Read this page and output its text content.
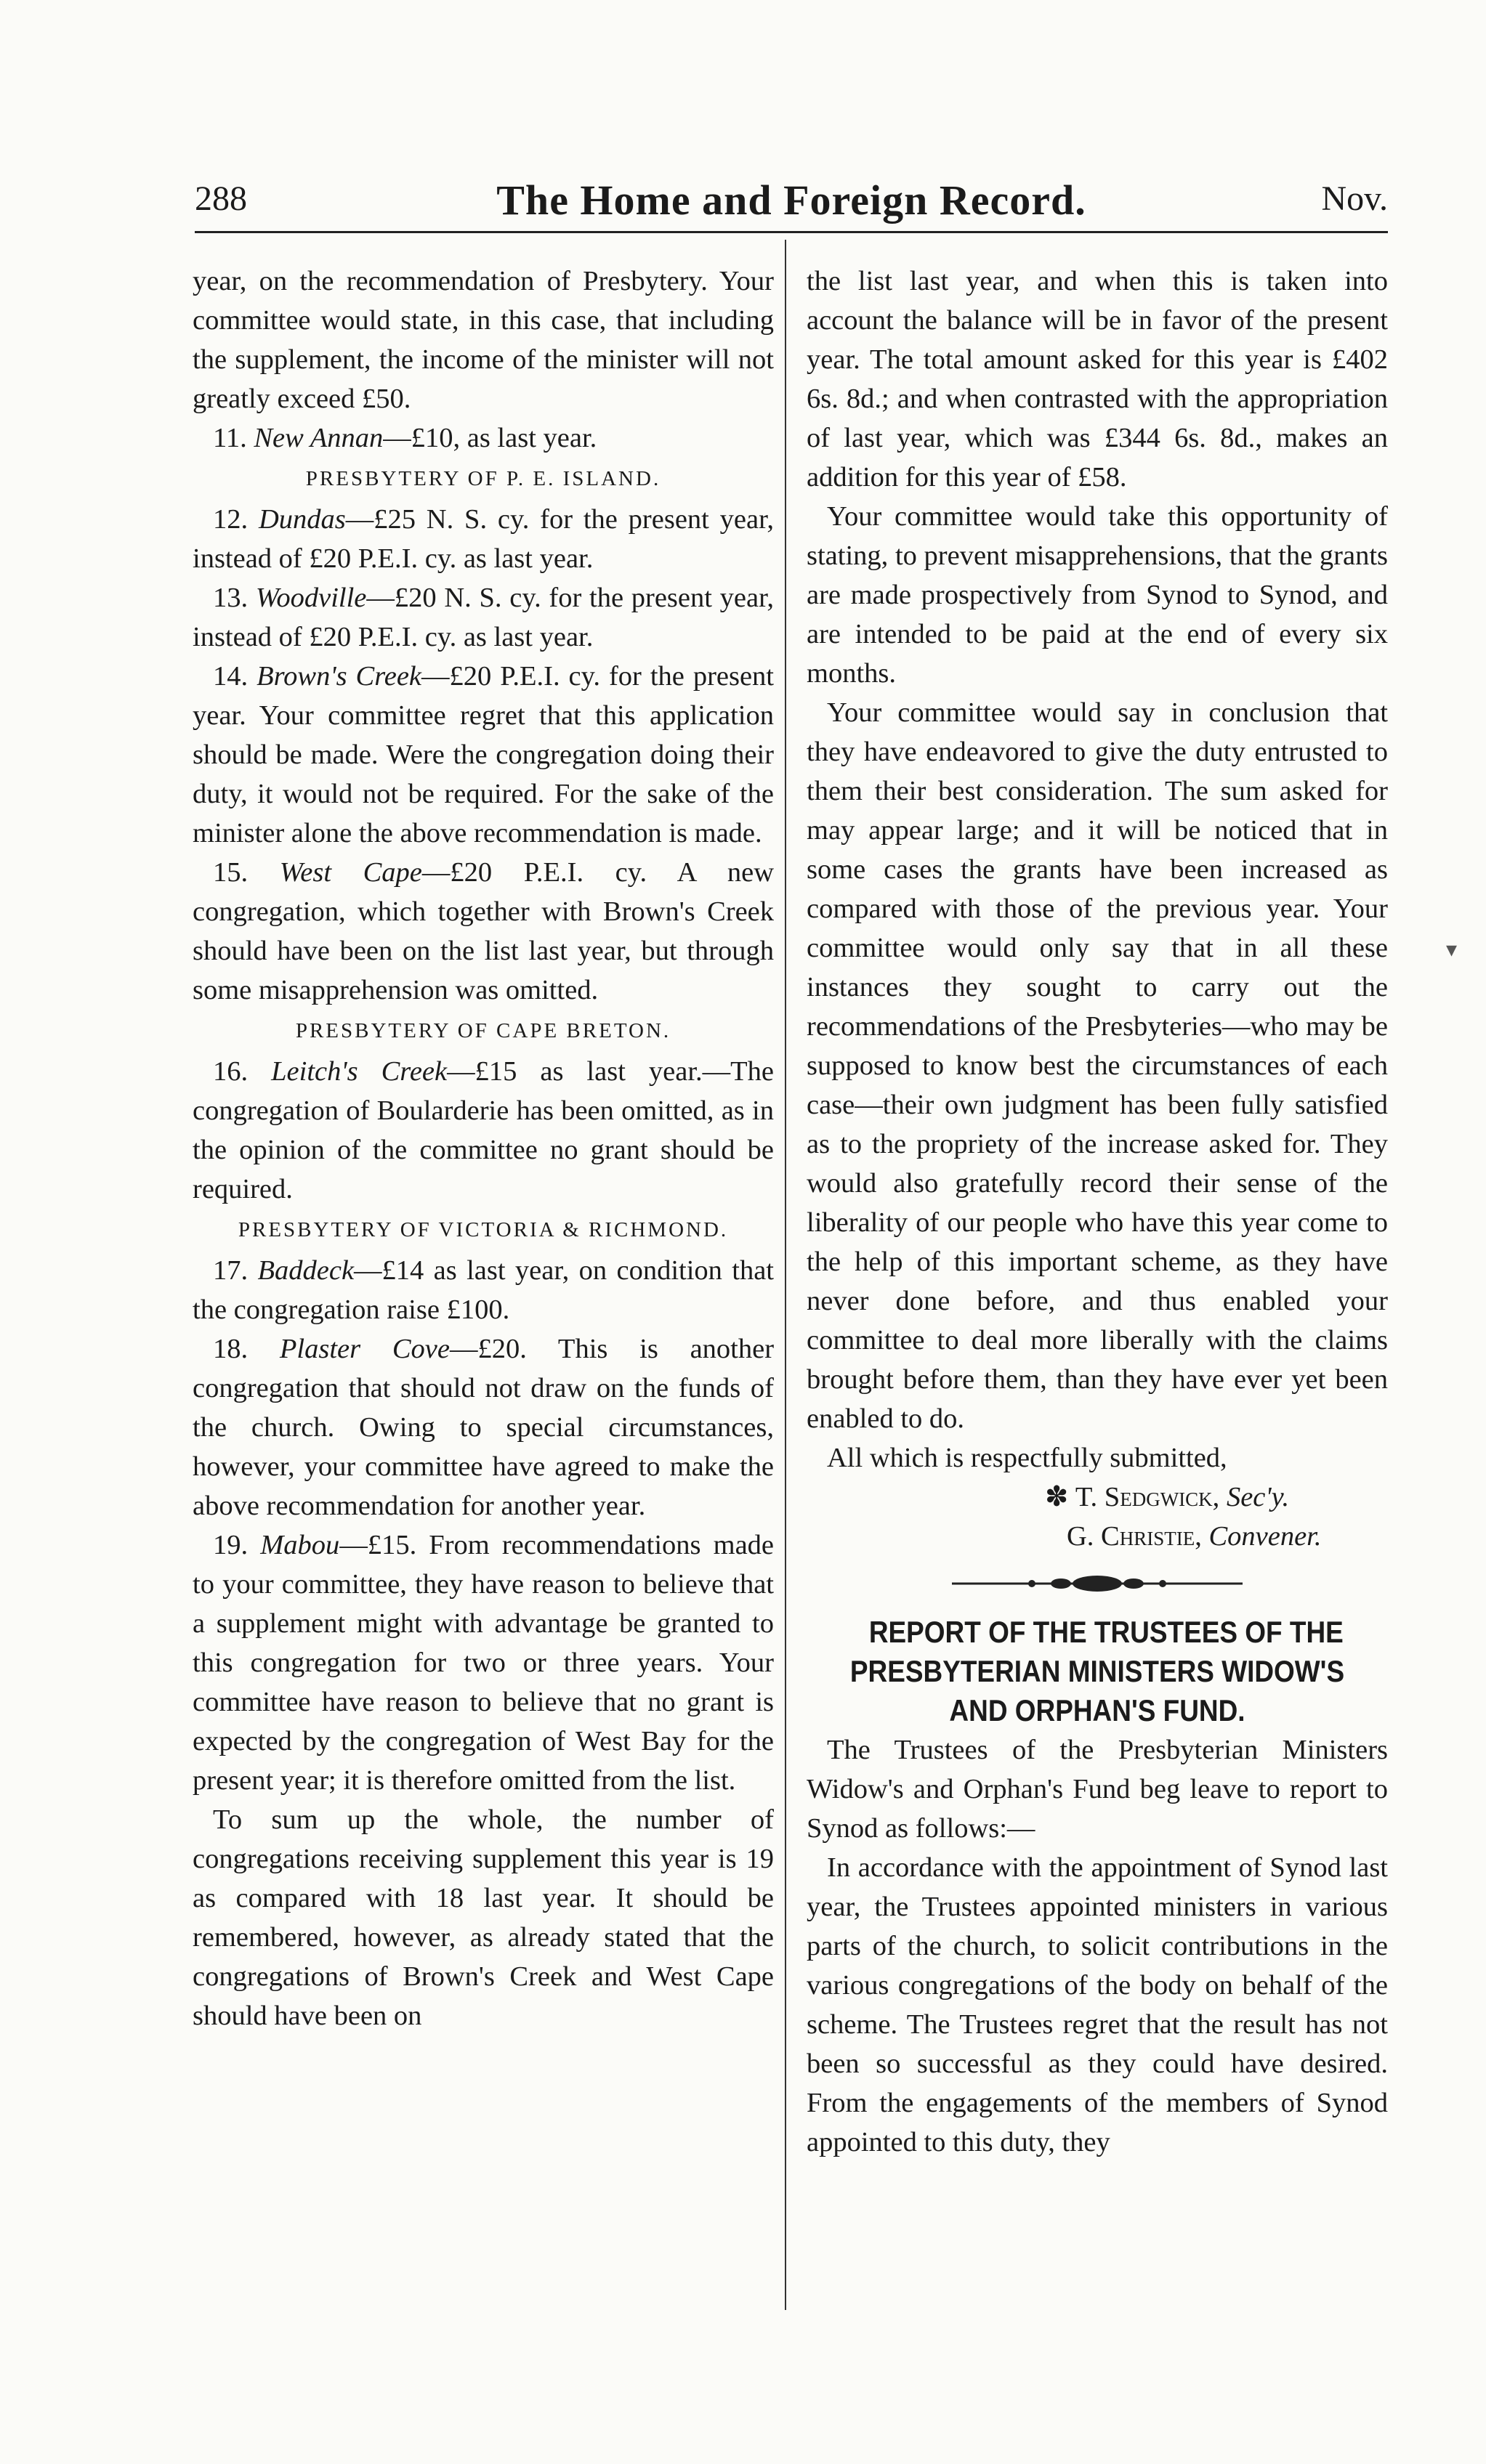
288	The Home and Foreign Record.	Nov.

year, on the recommendation of Presbytery. Your committee would state, in this case, that including the supplement, the income of the minister will not greatly exceed £50.

11. New Annan—£10, as last year.

PRESBYTERY OF P. E. ISLAND.

12. Dundas—£25 N. S. cy. for the present year, instead of £20 P.E.I. cy. as last year.

13. Woodville—£20 N. S. cy. for the present year, instead of £20 P.E.I. cy. as last year.

14. Brown's Creek—£20 P.E.I. cy. for the present year. Your committee regret that this application should be made. Were the congregation doing their duty, it would not be required. For the sake of the minister alone the above recommendation is made.

15. West Cape—£20 P.E.I. cy. A new congregation, which together with Brown's Creek should have been on the list last year, but through some misapprehension was omitted.

PRESBYTERY OF CAPE BRETON.

16. Leitch's Creek—£15 as last year.—The congregation of Boularderie has been omitted, as in the opinion of the committee no grant should be required.

PRESBYTERY OF VICTORIA & RICHMOND.

17. Baddeck—£14 as last year, on condition that the congregation raise £100.

18. Plaster Cove—£20. This is another congregation that should not draw on the funds of the church. Owing to special circumstances, however, your committee have agreed to make the above recommendation for another year.

19. Mabou—£15. From recommendations made to your committee, they have reason to believe that a supplement might with advantage be granted to this congregation for two or three years. Your committee have reason to believe that no grant is expected by the congregation of West Bay for the present year; it is therefore omitted from the list.

To sum up the whole, the number of congregations receiving supplement this year is 19 as compared with 18 last year. It should be remembered, however, as already stated that the congregations of Brown's Creek and West Cape should have been on

the list last year, and when this is taken into account the balance will be in favor of the present year. The total amount asked for this year is £402 6s. 8d.; and when contrasted with the appropriation of last year, which was £344 6s. 8d., makes an addition for this year of £58.

Your committee would take this opportunity of stating, to prevent misapprehensions, that the grants are made prospectively from Synod to Synod, and are intended to be paid at the end of every six months.

Your committee would say in conclusion that they have endeavored to give the duty entrusted to them their best consideration. The sum asked for may appear large; and it will be noticed that in some cases the grants have been increased as compared with those of the previous year. Your committee would only say that in all these instances they sought to carry out the recommendations of the Presbyteries—who may be supposed to know best the circumstances of each case—their own judgment has been fully satisfied as to the propriety of the increase asked for. They would also gratefully record their sense of the liberality of our people who have this year come to the help of this important scheme, as they have never done before, and thus enabled your committee to deal more liberally with the claims brought before them, than they have ever yet been enabled to do.

All which is respectfully submitted,

✽ T. Sedgwick, Sec'y.
G. Christie, Convener.

REPORT OF THE TRUSTEES OF THE PRESBYTERIAN MINISTERS WIDOW'S AND ORPHAN'S FUND.

The Trustees of the Presbyterian Ministers Widow's and Orphan's Fund beg leave to report to Synod as follows:—

In accordance with the appointment of Synod last year, the Trustees appointed ministers in various parts of the church, to solicit contributions in the various congregations of the body on behalf of the scheme. The Trustees regret that the result has not been so successful as they could have desired. From the engagements of the members of Synod appointed to this duty, they

▾
